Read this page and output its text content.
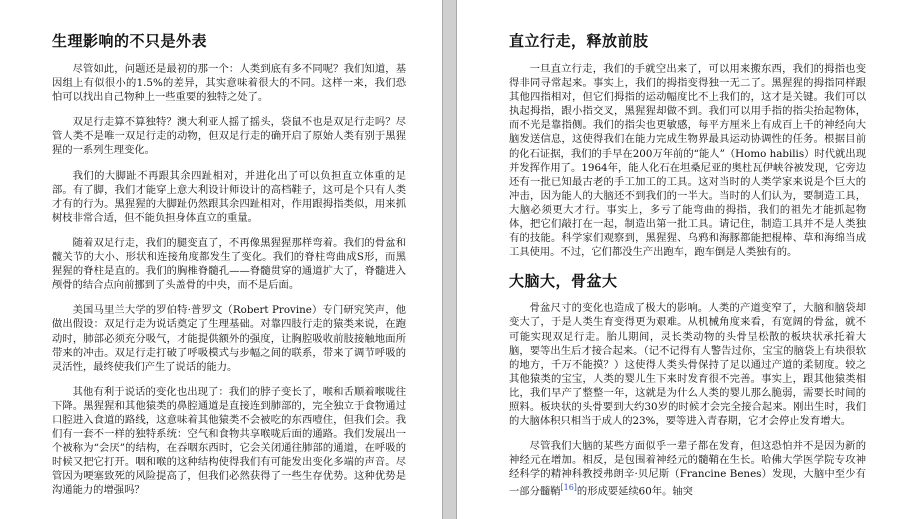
生理影响的不只是外表

尽管如此，问题还是最初的那一个：人类到底有多不同呢？我们知道，基因组上有似很小的1.5%的差异，其实意味着很大的不同。这样一来，我们恐怕可以找出自己物种上一些重要的独特之处了。

双足行走算不算独特？澳大利亚人摇了摇头，袋鼠不也是双足行走吗？尽管人类不是唯一双足行走的动物，但双足行走的确开启了原始人类有别于黑猩猩的一系列生理变化。

我们的大脚趾不再跟其余四趾相对，并进化出了可以负担直立体重的足部。有了脚，我们才能穿上意大利设计师设计的高档鞋子，这可是个只有人类才有的行为。黑猩猩的大脚趾仍然跟其余四趾相对，作用跟拇指类似，用来抓树枝非常合适，但不能负担身体直立的重量。

随着双足行走，我们的腿变直了，不再像黑猩猩那样弯着。我们的骨盆和髋关节的大小、形状和连接角度都发生了变化。我们的脊柱弯曲成S形，而黑猩猩的脊柱是直的。我们的胸椎脊髓孔——脊髓贯穿的通道扩大了，脊髓进入颅骨的结合点向前挪到了头盖骨的中央，而不是后面。

美国马里兰大学的罗伯特·普罗文（Robert Provine）专门研究笑声，他做出假设：双足行走为说话奠定了生理基础。对靠四肢行走的猿类来说，在跑动时，肺部必须充分吸气，才能提供额外的强度，让胸腔吸收前肢接触地面所带来的冲击。双足行走打破了呼吸模式与步幅之间的联系，带来了调节呼吸的灵活性，最终使我们产生了说话的能力。

其他有利于说话的变化也出现了：我们的脖子变长了，喉和舌顺着喉咙往下降。黑猩猩和其他猿类的鼻腔通道是直接连到肺部的，完全独立于食物通过口腔进入食道的路线，这意味着其他猿类不会被吃的东西噎住，但我们会。我们有一套不一样的独特系统：空气和食物共享喉咙后面的通路。我们发展出一个被称为“会厌”的结构，在吞咽东西时，它会关闭通往肺部的通道，在呼吸的时候又把它打开。咽和喉的这种结构使得我们有可能发出变化多端的声音。尽管因为哽塞致死的风险提高了，但我们必然获得了一些生存优势。这种优势是沟通能力的增强吗？

直立行走，释放前肢

一旦直立行走，我们的手就空出来了，可以用来搬东西，我们的拇指也变得非同寻常起来。事实上，我们的拇指变得独一无二了。黑猩猩的拇指同样跟其他四指相对，但它们拇指的运动幅度比不上我们的，这才是关键。我们可以执起拇指，跟小指交叉，黑猩猩却做不到。我们可以用手指的指尖抬起物体，而不光是靠指侧。我们的指尖也更敏感，每平方厘米上有成百上千的神经向大脑发送信息，这使得我们在能力完成生物界最具运动协调性的任务。根据目前的化石证据，我们的手早在200万年前的“能人”（Homo habilis）时代就出现并发挥作用了。1964年，能人化石在坦桑尼亚的奥杜瓦伊峡谷被发现，它旁边还有一批已知最古老的手工加工的工具。这对当时的人类学家来说是个巨大的冲击，因为能人的大脑还不到我们的一半大。当时的人们认为，要制造工具，大脑必须更大才行。事实上，多亏了能弯曲的拇指，我们的祖先才能抓起物体，把它们敲打在一起，制造出第一批工具。请记住，制造工具并不是人类独有的技能。科学家们观察到，黑猩猩、乌鸦和海豚都能把棍棒、草和海绵当成工具使用。不过，它们都没生产出跑车，跑车倒是人类独有的。

大脑大，骨盆大

骨盆尺寸的变化也造成了极大的影响。人类的产道变窄了，大脑和脑袋却变大了，于是人类生育变得更为艰难。从机械角度来看，有宽阔的骨盆，就不可能实现双足行走。胎儿期间，灵长类动物的头骨呈松散的板块状承托着大脑，要等出生后才接合起来。（记不记得有人警告过你，宝宝的脑袋上有块很软的地方，千万不能摸？）这使得人类头骨保持了足以通过产道的柔韧度。较之其他猿类的宝宝，人类的婴儿生下来时发育很不完善。事实上，跟其他猿类相比，我们早产了整整一年，这就是为什么人类的婴儿那么脆弱，需要长时间的照料。板块状的头骨要到大约30岁的时候才会完全接合起来。刚出生时，我们的大脑体积只相当于成人的23%，要等进入青春期，它才会停止发育增大。

尽管我们大脑的某些方面似乎一辈子都在发育，但这恐怕并不是因为新的神经元在增加。相反，是包围着神经元的髓鞘在生长。哈佛大学医学院专攻神经科学的精神科教授弗朗辛·贝尼斯（Francine Benes）发现，大脑中至少有一部分髓鞘[16]的形成要延续60年。轴突
